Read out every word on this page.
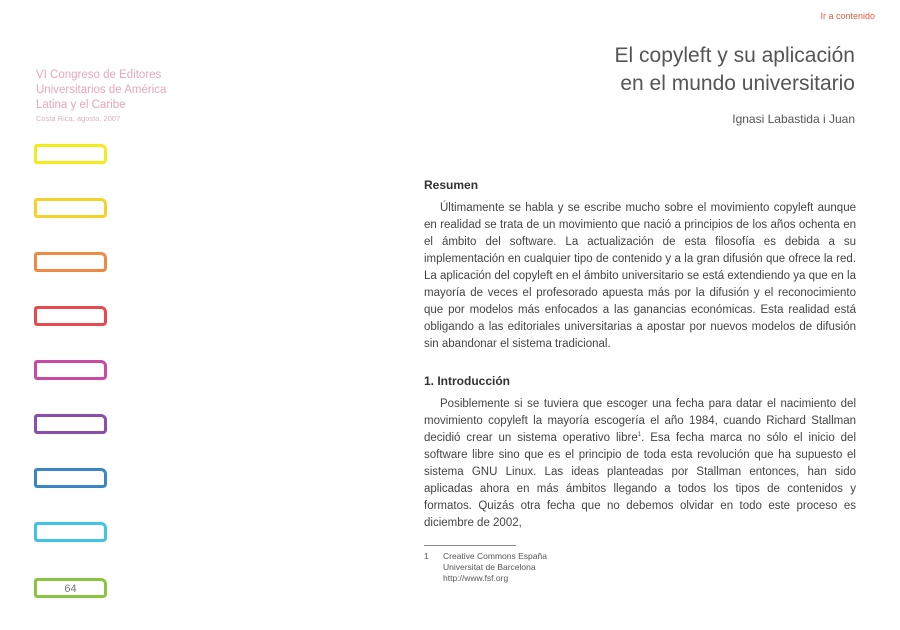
Ir a contenido
VI Congreso de Editores
Universitarios de América
Latina y el Caribe
Costa Rica, agosto, 2007
64
El copyleft y su aplicación
en el mundo universitario
Ignasi Labastida i Juan
Resumen

Últimamente se habla y se escribe mucho sobre el movimiento copyleft aunque en realidad se trata de un movimiento que nació a principios de los años ochenta en el ámbito del software. La actualización de esta filosofía es debida a su implementación en cualquier tipo de contenido y a la gran difusión que ofrece la red. La aplicación del copyleft en el ámbito universitario se está extendiendo ya que en la mayoría de veces el profesorado apuesta más por la difusión y el reconocimiento que por modelos más enfocados a las ganancias económicas. Esta realidad está obligando a las editoriales universitarias a apostar por nuevos modelos de difusión sin abandonar el sistema tradicional.

1. Introducción

Posiblemente si se tuviera que escoger una fecha para datar el nacimiento del movimiento copyleft la mayoría escogería el año 1984, cuando Richard Stallman decidió crear un sistema operativo libre$^1$. Esa fecha marca no sólo el inicio del software libre sino que es el principio de toda esta revolución que ha supuesto el sistema GNU Linux. Las ideas planteadas por Stallman entonces, han sido aplicadas ahora en más ámbitos llegando a todos los tipos de contenidos y formatos. Quizás otra fecha que no debemos olvidar en todo este proceso es diciembre de 2002,

1 Creative Commons España
Universitat de Barcelona
http://www.fsf.org
